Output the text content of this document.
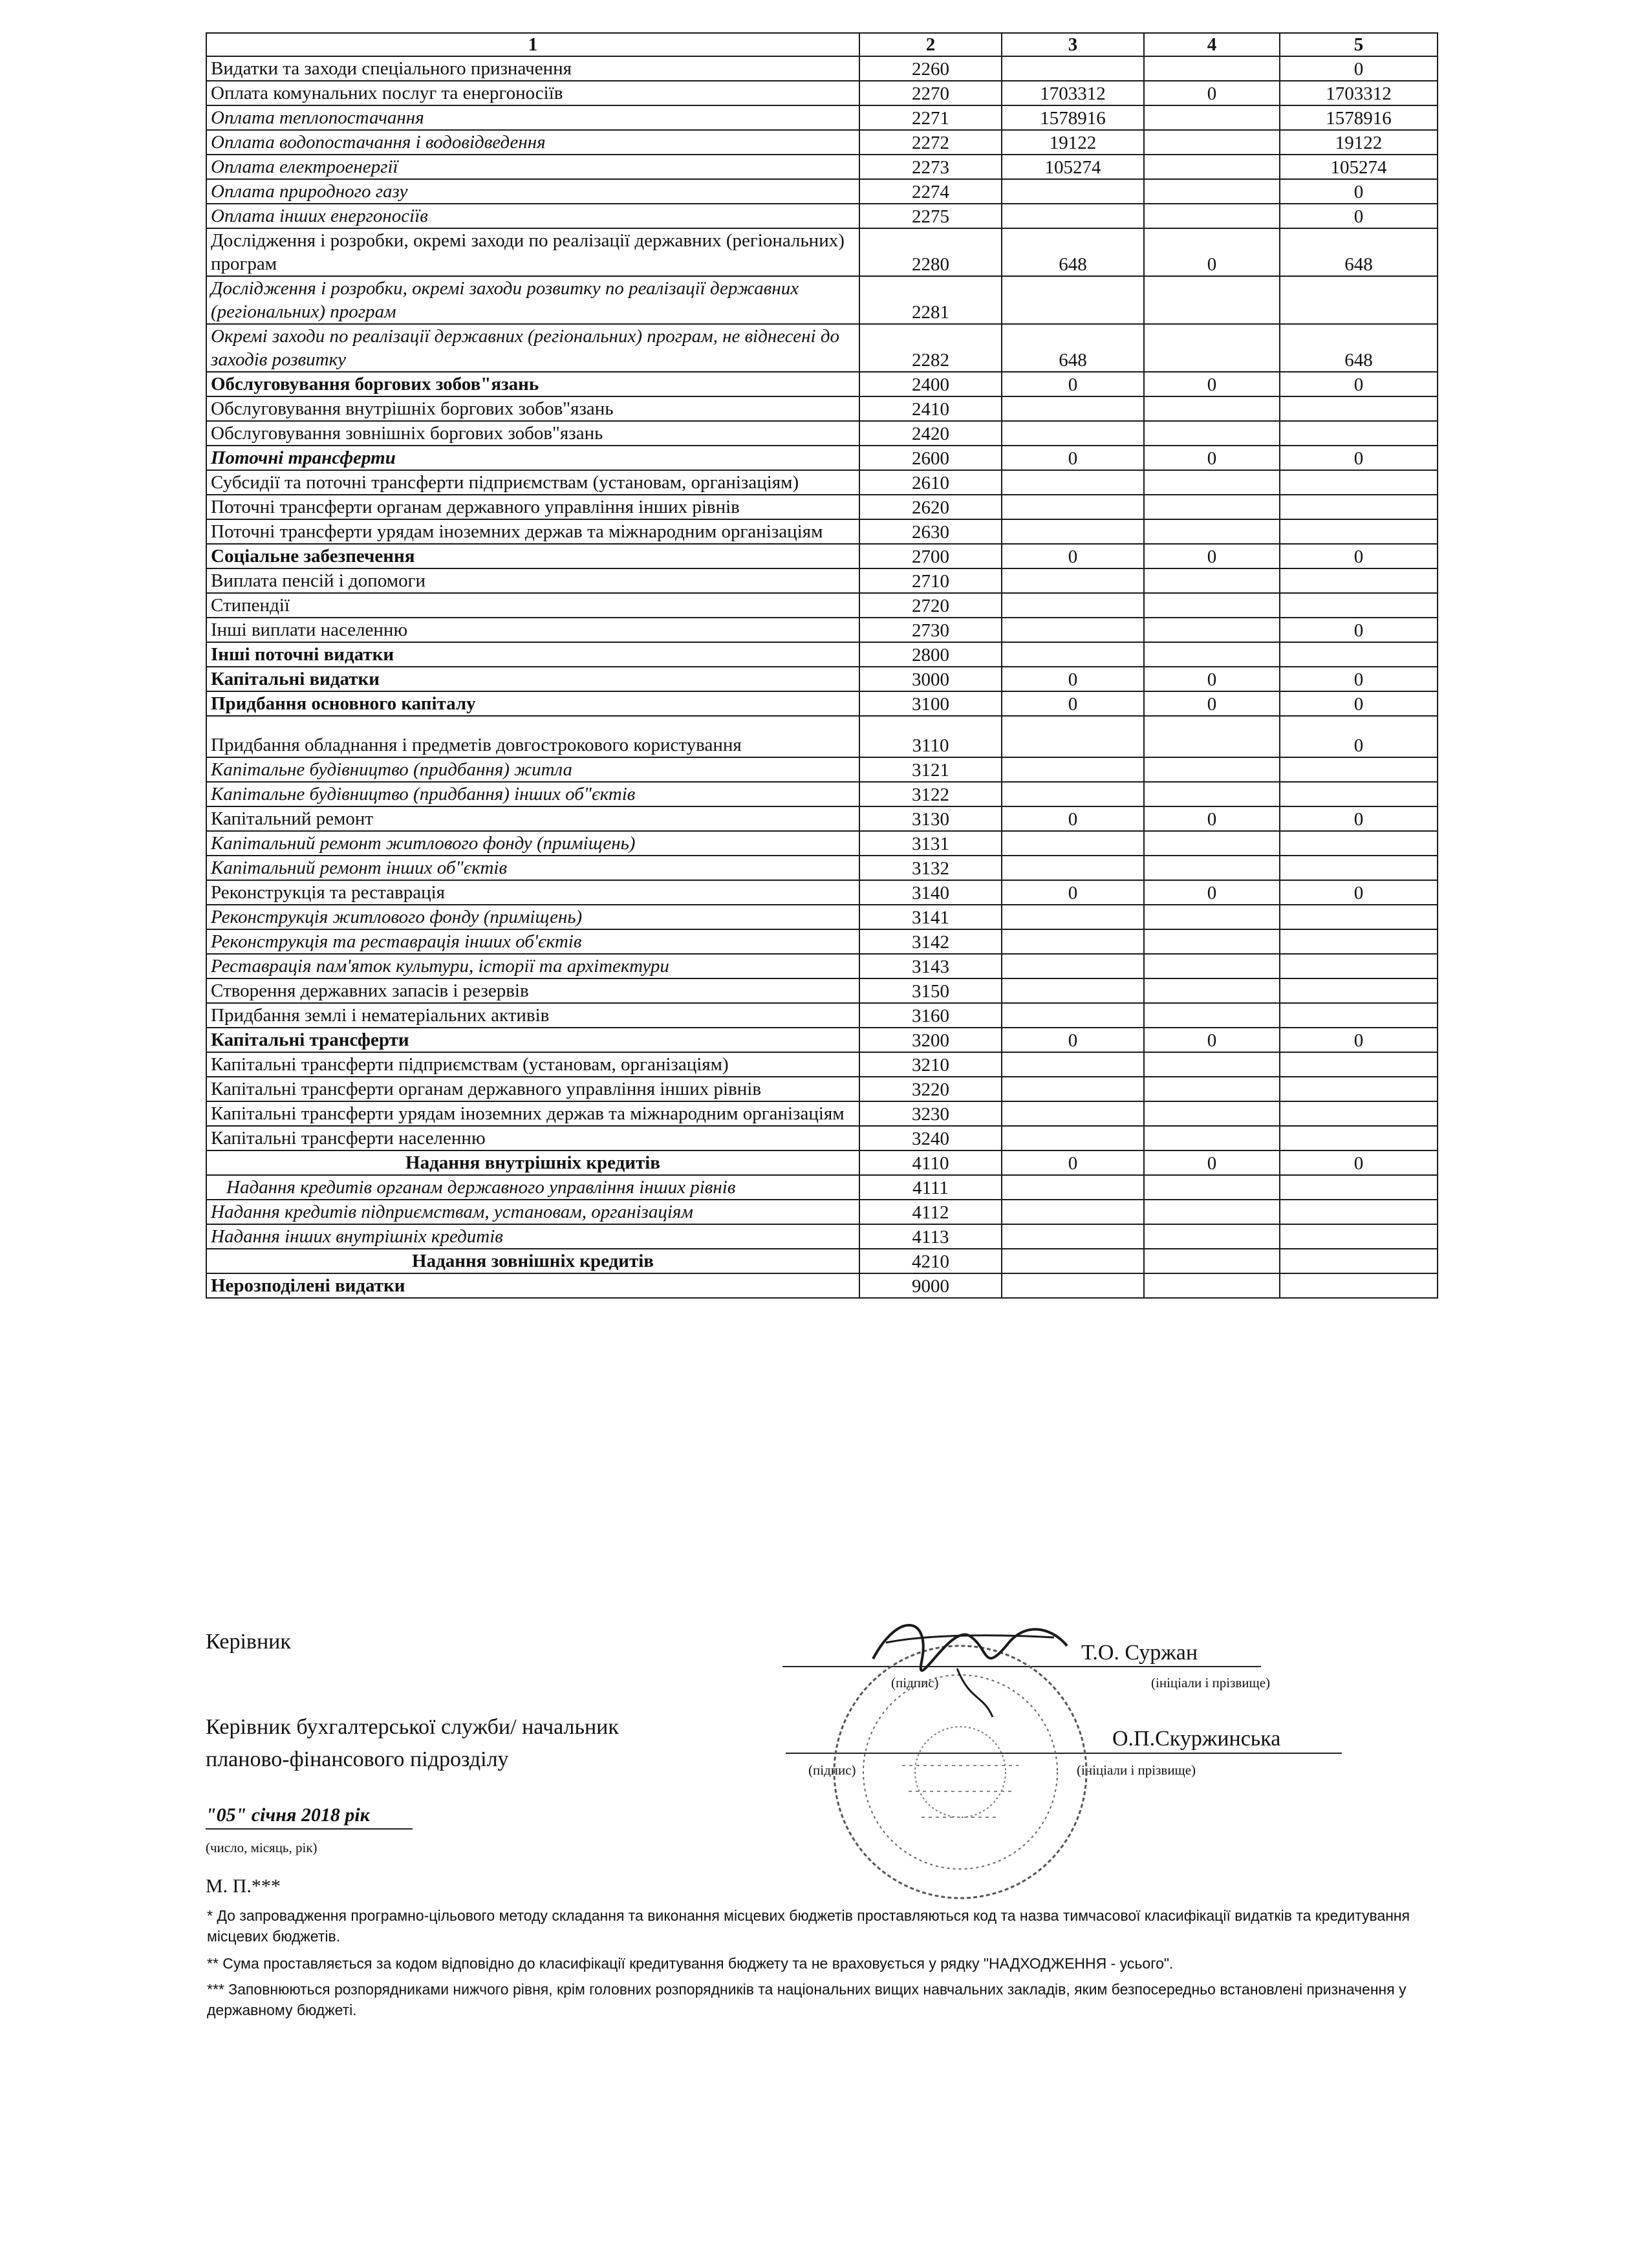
1	2	3	4	5
Видатки та заходи спеціального призначення	2260			0
Оплата комунальних послуг та енергоносіїв	2270	1703312	0	1703312
Оплата теплопостачання	2271	1578916		1578916
Оплата водопостачання і водовідведення	2272	19122		19122
Оплата електроенергії	2273	105274		105274
Оплата природного газу	2274			0
Оплата інших енергоносіїв	2275			0
Дослідження і розробки, окремі заходи по реалізації державних (регіональних) програм	2280	648	0	648
Дослідження і розробки, окремі заходи розвитку по реалізації державних (регіональних) програм	2281			
Окремі заходи по реалізації державних (регіональних) програм, не віднесені до заходів розвитку	2282	648		648
Обслуговування боргових зобов"язань	2400	0	0	0
Обслуговування внутрішніх боргових зобов"язань	2410			
Обслуговування зовнішніх боргових зобов"язань	2420			
Поточні трансферти	2600	0	0	0
Субсидії та поточні трансферти підприємствам (установам, організаціям)	2610			
Поточні трансферти органам державного управління інших рівнів	2620			
Поточні трансферти урядам іноземних держав та міжнародним організаціям	2630			
Соціальне забезпечення	2700	0	0	0
Виплата пенсій і допомоги	2710			
Стипендії	2720			
Інші виплати населенню	2730			0
Інші поточні видатки	2800			
Капітальні видатки	3000	0	0	0
Придбання основного капіталу	3100	0	0	0
Придбання обладнання і предметів довгострокового користування	3110			0
Капітальне будівництво (придбання) житла	3121			
Капітальне будівництво (придбання) інших об"єктів	3122			
Капітальний ремонт	3130	0	0	0
Капітальний ремонт житлового фонду (приміщень)	3131			
Капітальний ремонт інших об"єктів	3132			
Реконструкція та реставрація	3140	0	0	0
Реконструкція житлового фонду (приміщень)	3141			
Реконструкція та реставрація інших об'єктів	3142			
Реставрація пам'яток культури, історії та архітектури	3143			
Створення державних запасів і резервів	3150			
Придбання землі і нематеріальних активів	3160			
Капітальні трансферти	3200	0	0	0
Капітальні трансферти підприємствам (установам, організаціям)	3210			
Капітальні трансферти органам державного управління інших рівнів	3220			
Капітальні трансферти урядам іноземних держав та міжнародним організаціям	3230			
Капітальні трансферти населенню	3240			
Надання внутрішніх кредитів	4110	0	0	0
Надання кредитів органам державного управління інших рівнів	4111			
Надання кредитів підприємствам, установам, організаціям	4112			
Надання інших внутрішніх кредитів	4113			
Надання зовнішніх кредитів	4210			
Нерозподілені видатки	9000			
Керівник	Т.О. Суржан
(підпис)	(ініціали і прізвище)
Керівник бухгалтерської служби/ начальник
планово-фінансового підрозділу
О.П.Скуржинська
(підпис)	(ініціали і прізвище)
"05" січня 2018 рік
(число, місяць, рік)
М. П.***
* До запровадження програмно-цільового методу складання та виконання місцевих бюджетів проставляються код та назва тимчасової класифікації видатків та кредитування місцевих бюджетів.
** Сума проставляється за кодом відповідно до класифікації кредитування бюджету та не враховується у рядку "НАДХОДЖЕННЯ - усього".
*** Заповнюються розпорядниками нижчого рівня, крім головних розпорядників та національних вищих навчальних закладів, яким безпосередньо встановлені призначення у державному бюджеті.
